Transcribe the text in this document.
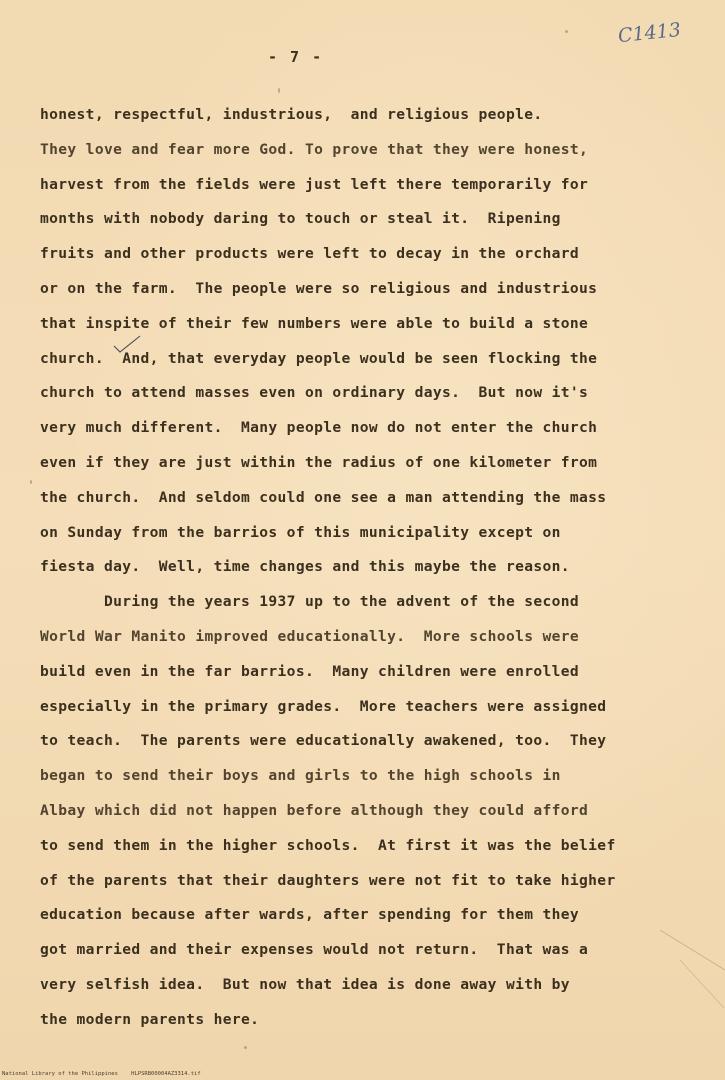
C1413
- 7 -
honest, respectful, industrious,  and religious people.
They love and fear more God. To prove that they were honest,
harvest from the fields were just left there temporarily for
months with nobody daring to touch or steal it.  Ripening
fruits and other products were left to decay in the orchard
or on the farm.  The people were so religious and industrious
that inspite of their few numbers were able to build a stone
church.  And, that everyday people would be seen flocking the
church to attend masses even on ordinary days.  But now it's
very much different.  Many people now do not enter the church
even if they are just within the radius of one kilometer from
the church.  And seldom could one see a man attending the mass
on Sunday from the barrios of this municipality except on
fiesta day.  Well, time changes and this maybe the reason.
During the years 1937 up to the advent of the second
World War Manito improved educationally.  More schools were
build even in the far barrios.  Many children were enrolled
especially in the primary grades.  More teachers were assigned
to teach.  The parents were educationally awakened, too.  They
began to send their boys and girls to the high schools in
Albay which did not happen before although they could afford
to send them in the higher schools.  At first it was the belief
of the parents that their daughters were not fit to take higher
education because after wards, after spending for them they
got married and their expenses would not return.  That was a
very selfish idea.  But now that idea is done away with by
the modern parents here.
National Library of the Philippines    HLPSRB00004AZ3314.tif
